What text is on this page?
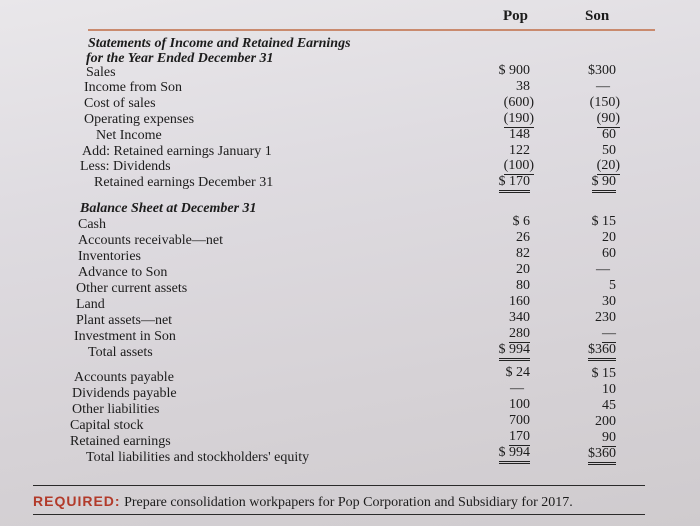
Pop	Son
Statements of Income and Retained Earnings
for the Year Ended December 31
Sales	$ 900	$300
Income from Son	38	—
Cost of sales	(600)	(150)
Operating expenses	(190)	(90)
Net Income	148	60
Add: Retained earnings January 1	122	50
Less: Dividends	(100)	(20)
Retained earnings December 31	$ 170	$ 90
Balance Sheet at December 31
Cash	$ 6	$ 15
Accounts receivable—net	26	20
Inventories	82	60
Advance to Son	20	—
Other current assets	80	5
Land	160	30
Plant assets—net	340	230
Investment in Son	280	—
Total assets	$ 994	$360
Accounts payable	$ 24	$ 15
Dividends payable	—	10
Other liabilities	100	45
Capital stock	700	200
Retained earnings	170	90
Total liabilities and stockholders' equity	$ 994	$360
REQUIRED: Prepare consolidation workpapers for Pop Corporation and Subsidiary for 2017.
